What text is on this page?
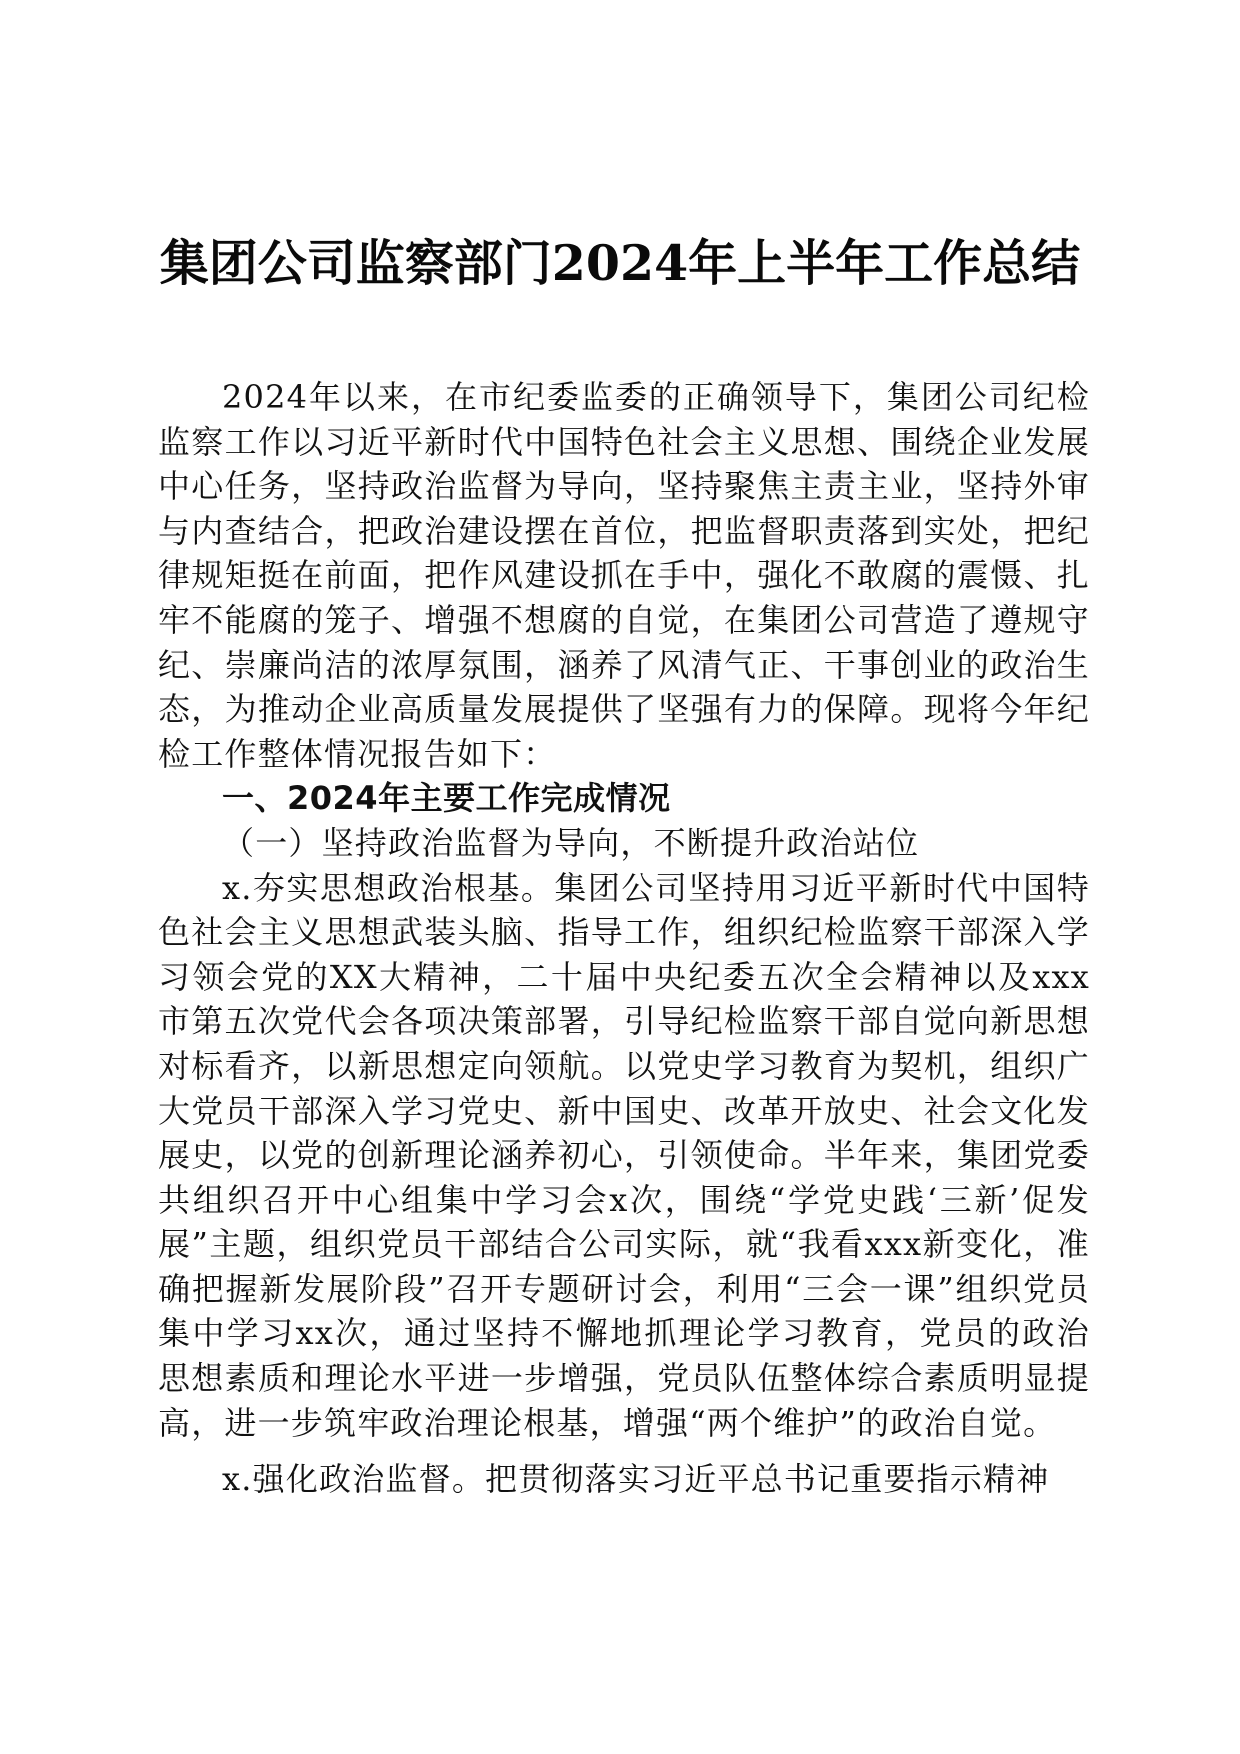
集团公司监察部门2024年上半年工作总结

2024年以来，在市纪委监委的正确领导下，集团公司纪检监察工作以习近平新时代中国特色社会主义思想、围绕企业发展中心任务，坚持政治监督为导向，坚持聚焦主责主业，坚持外审与内查结合，把政治建设摆在首位，把监督职责落到实处，把纪律规矩挺在前面，把作风建设抓在手中，强化不敢腐的震慑、扎牢不能腐的笼子、增强不想腐的自觉，在集团公司营造了遵规守纪、崇廉尚洁的浓厚氛围，涵养了风清气正、干事创业的政治生态，为推动企业高质量发展提供了坚强有力的保障。现将今年纪检工作整体情况报告如下：

一、2024年主要工作完成情况

（一）坚持政治监督为导向，不断提升政治站位

x.夯实思想政治根基。集团公司坚持用习近平新时代中国特色社会主义思想武装头脑、指导工作，组织纪检监察干部深入学习领会党的XX大精神，二十届中央纪委五次全会精神以及xxx市第五次党代会各项决策部署，引导纪检监察干部自觉向新思想对标看齐，以新思想定向领航。以党史学习教育为契机，组织广大党员干部深入学习党史、新中国史、改革开放史、社会文化发展史，以党的创新理论涵养初心，引领使命。半年来，集团党委共组织召开中心组集中学习会x次，围绕“学党史践‘三新’促发展”主题，组织党员干部结合公司实际，就“我看xxx新变化，准确把握新发展阶段”召开专题研讨会，利用“三会一课”组织党员集中学习xx次，通过坚持不懈地抓理论学习教育，党员的政治思想素质和理论水平进一步增强，党员队伍整体综合素质明显提高，进一步筑牢政治理论根基，增强“两个维护”的政治自觉。

x.强化政治监督。把贯彻落实习近平总书记重要指示精神
